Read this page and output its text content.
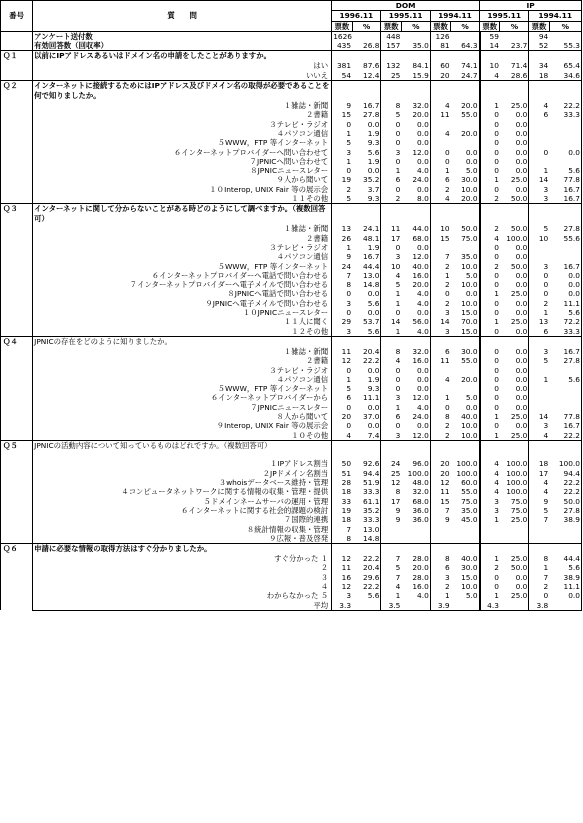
番号	質　　問	DOM						IP			
		1996.11		1995.11		1994.11		1995.11		1994.11	
		票数	%	票数	%	票数	%	票数	%	票数	%
	アンケート送付数	1626		448		126		59		94	
	有効回答数（回収率）	435	26.8	157	35.0	81	64.3	14	23.7	52	55.3
Ｑ１	以前にIPアドレスあるいはドメイン名の申請をしたことがありますか。										
	はい	381	87.6	132	84.1	60	74.1	10	71.4	34	65.4
	いいえ	54	12.4	25	15.9	20	24.7	4	28.6	18	34.6
Ｑ２	インターネットに接続するためにはIPアドレス及びドメイン名の取得が必要であることを何で知りましたか。										

	１雑誌・新聞	9	16.7	8	32.0	4	20.0	1	25.0	4	22.2
	２書籍	15	27.8	5	20.0	11	55.0	0	0.0	6	33.3
	３テレビ・ラジオ	0	0.0	0	0.0			0	0.0		
	４パソコン通信	1	1.9	0	0.0	4	20.0	0	0.0		
	５WWW，FTP 等インターネット	5	9.3	0	0.0			0	0.0		
	６インターネットプロバイダーへ問い合わせて	3	5.6	3	12.0	0	0.0	0	0.0	0	0.0
	７JPNICへ問い合わせて	1	1.9	0	0.0	0	0.0	0	0.0		
	８JPNICニュースレター	0	0.0	1	4.0	1	5.0	0	0.0	1	5.6
	９人から聞いて	19	35.2	6	24.0	6	30.0	1	25.0	14	77.8
	１０Interop, UNIX Fair 等の展示会	2	3.7	0	0.0	2	10.0	0	0.0	3	16.7
	１１その他	5	9.3	2	8.0	4	20.0	2	50.0	3	16.7
Ｑ３	インターネットに関して分からないことがある時どのようにして調べますか。（複数回答可）										

	１雑誌・新聞	13	24.1	11	44.0	10	50.0	2	50.0	5	27.8
	２書籍	26	48.1	17	68.0	15	75.0	4	100.0	10	55.6
	３テレビ・ラジオ	1	1.9	0	0.0			0	0.0		
	４パソコン通信	9	16.7	3	12.0	7	35.0	0	0.0		
	５WWW，FTP 等インターネット	24	44.4	10	40.0	2	10.0	2	50.0	3	16.7
	６インターネットプロバイダーへ電話で問い合わせる	7	13.0	4	16.0	1	5.0	0	0.0	0	0.0
	７インターネットプロバイダーへ電子メイルで問い合わせる	8	14.8	5	20.0	2	10.0	0	0.0	0	0.0
	８JPNICへ電話で問い合わせる	0	0.0	1	4.0	0	0.0	1	25.0	0	0.0
	９JPNICへ電子メイルで問い合わせる	3	5.6	1	4.0	2	10.0	0	0.0	2	11.1
	１０JPNICニュースレター	0	0.0	0	0.0	3	15.0	0	0.0	1	5.6
	１１人に聞く	29	53.7	14	56.0	14	70.0	1	25.0	13	72.2
	１２その他	3	5.6	1	4.0	3	15.0	0	0.0	6	33.3
Ｑ４	JPNICの存在をどのように知りましたか。										
	１雑誌・新聞	11	20.4	8	32.0	6	30.0	0	0.0	3	16.7
	２書籍	12	22.2	4	16.0	11	55.0	0	0.0	5	27.8
	３テレビ・ラジオ	0	0.0	0	0.0			0	0.0		
	４パソコン通信	1	1.9	0	0.0	4	20.0	0	0.0	1	5.6
	５WWW，FTP 等インターネット	5	9.3	0	0.0			0	0.0		
	６インターネットプロバイダーから	6	11.1	3	12.0	1	5.0	0	0.0		
	７JPNICニュースレター	0	0.0	1	4.0	0	0.0	0	0.0		
	８人から聞いて	20	37.0	6	24.0	8	40.0	1	25.0	14	77.8
	９Interop, UNIX Fair 等の展示会	0	0.0	0	0.0	2	10.0	0	0.0	3	16.7
	１０その他	4	7.4	3	12.0	2	10.0	1	25.0	4	22.2
Ｑ５	JPNICの活動内容について知っているものはどれですか。（複数回答可）										

	１IPアドレス割当	50	92.6	24	96.0	20	100.0	4	100.0	18	100.0
	２JPドメイン名割当	51	94.4	25	100.0	20	100.0	4	100.0	17	94.4
	３whoisデータベース維持・管理	28	51.9	12	48.0	12	60.0	4	100.0	4	22.2
	４コンピュータネットワークに関する情報の収集・管理・提供	18	33.3	8	32.0	11	55.0	4	100.0	4	22.2
	５ドメインネームサーバの運用・管理	33	61.1	17	68.0	15	75.0	3	75.0	9	50.0
	６インターネットに関する社会的課題の検討	19	35.2	9	36.0	7	35.0	3	75.0	5	27.8
	７国際的連携	18	33.3	9	36.0	9	45.0	1	25.0	7	38.9
	８統計情報の収集・管理	7	13.0								
	９広報・普及啓発	8	14.8								
Ｑ６	申請に必要な情報の取得方法はすぐ分かりましたか。										
	すぐ分かった １	12	22.2	7	28.0	8	40.0	1	25.0	8	44.4
	２	11	20.4	5	20.0	6	30.0	2	50.0	1	5.6
	３	16	29.6	7	28.0	3	15.0	0	0.0	7	38.9
	４	12	22.2	4	16.0	2	10.0	0	0.0	2	11.1
	わからなかった ５	3	5.6	1	4.0	1	5.0	1	25.0	0	0.0
	平均	3.3		3.5		3.9		4.3		3.8	
